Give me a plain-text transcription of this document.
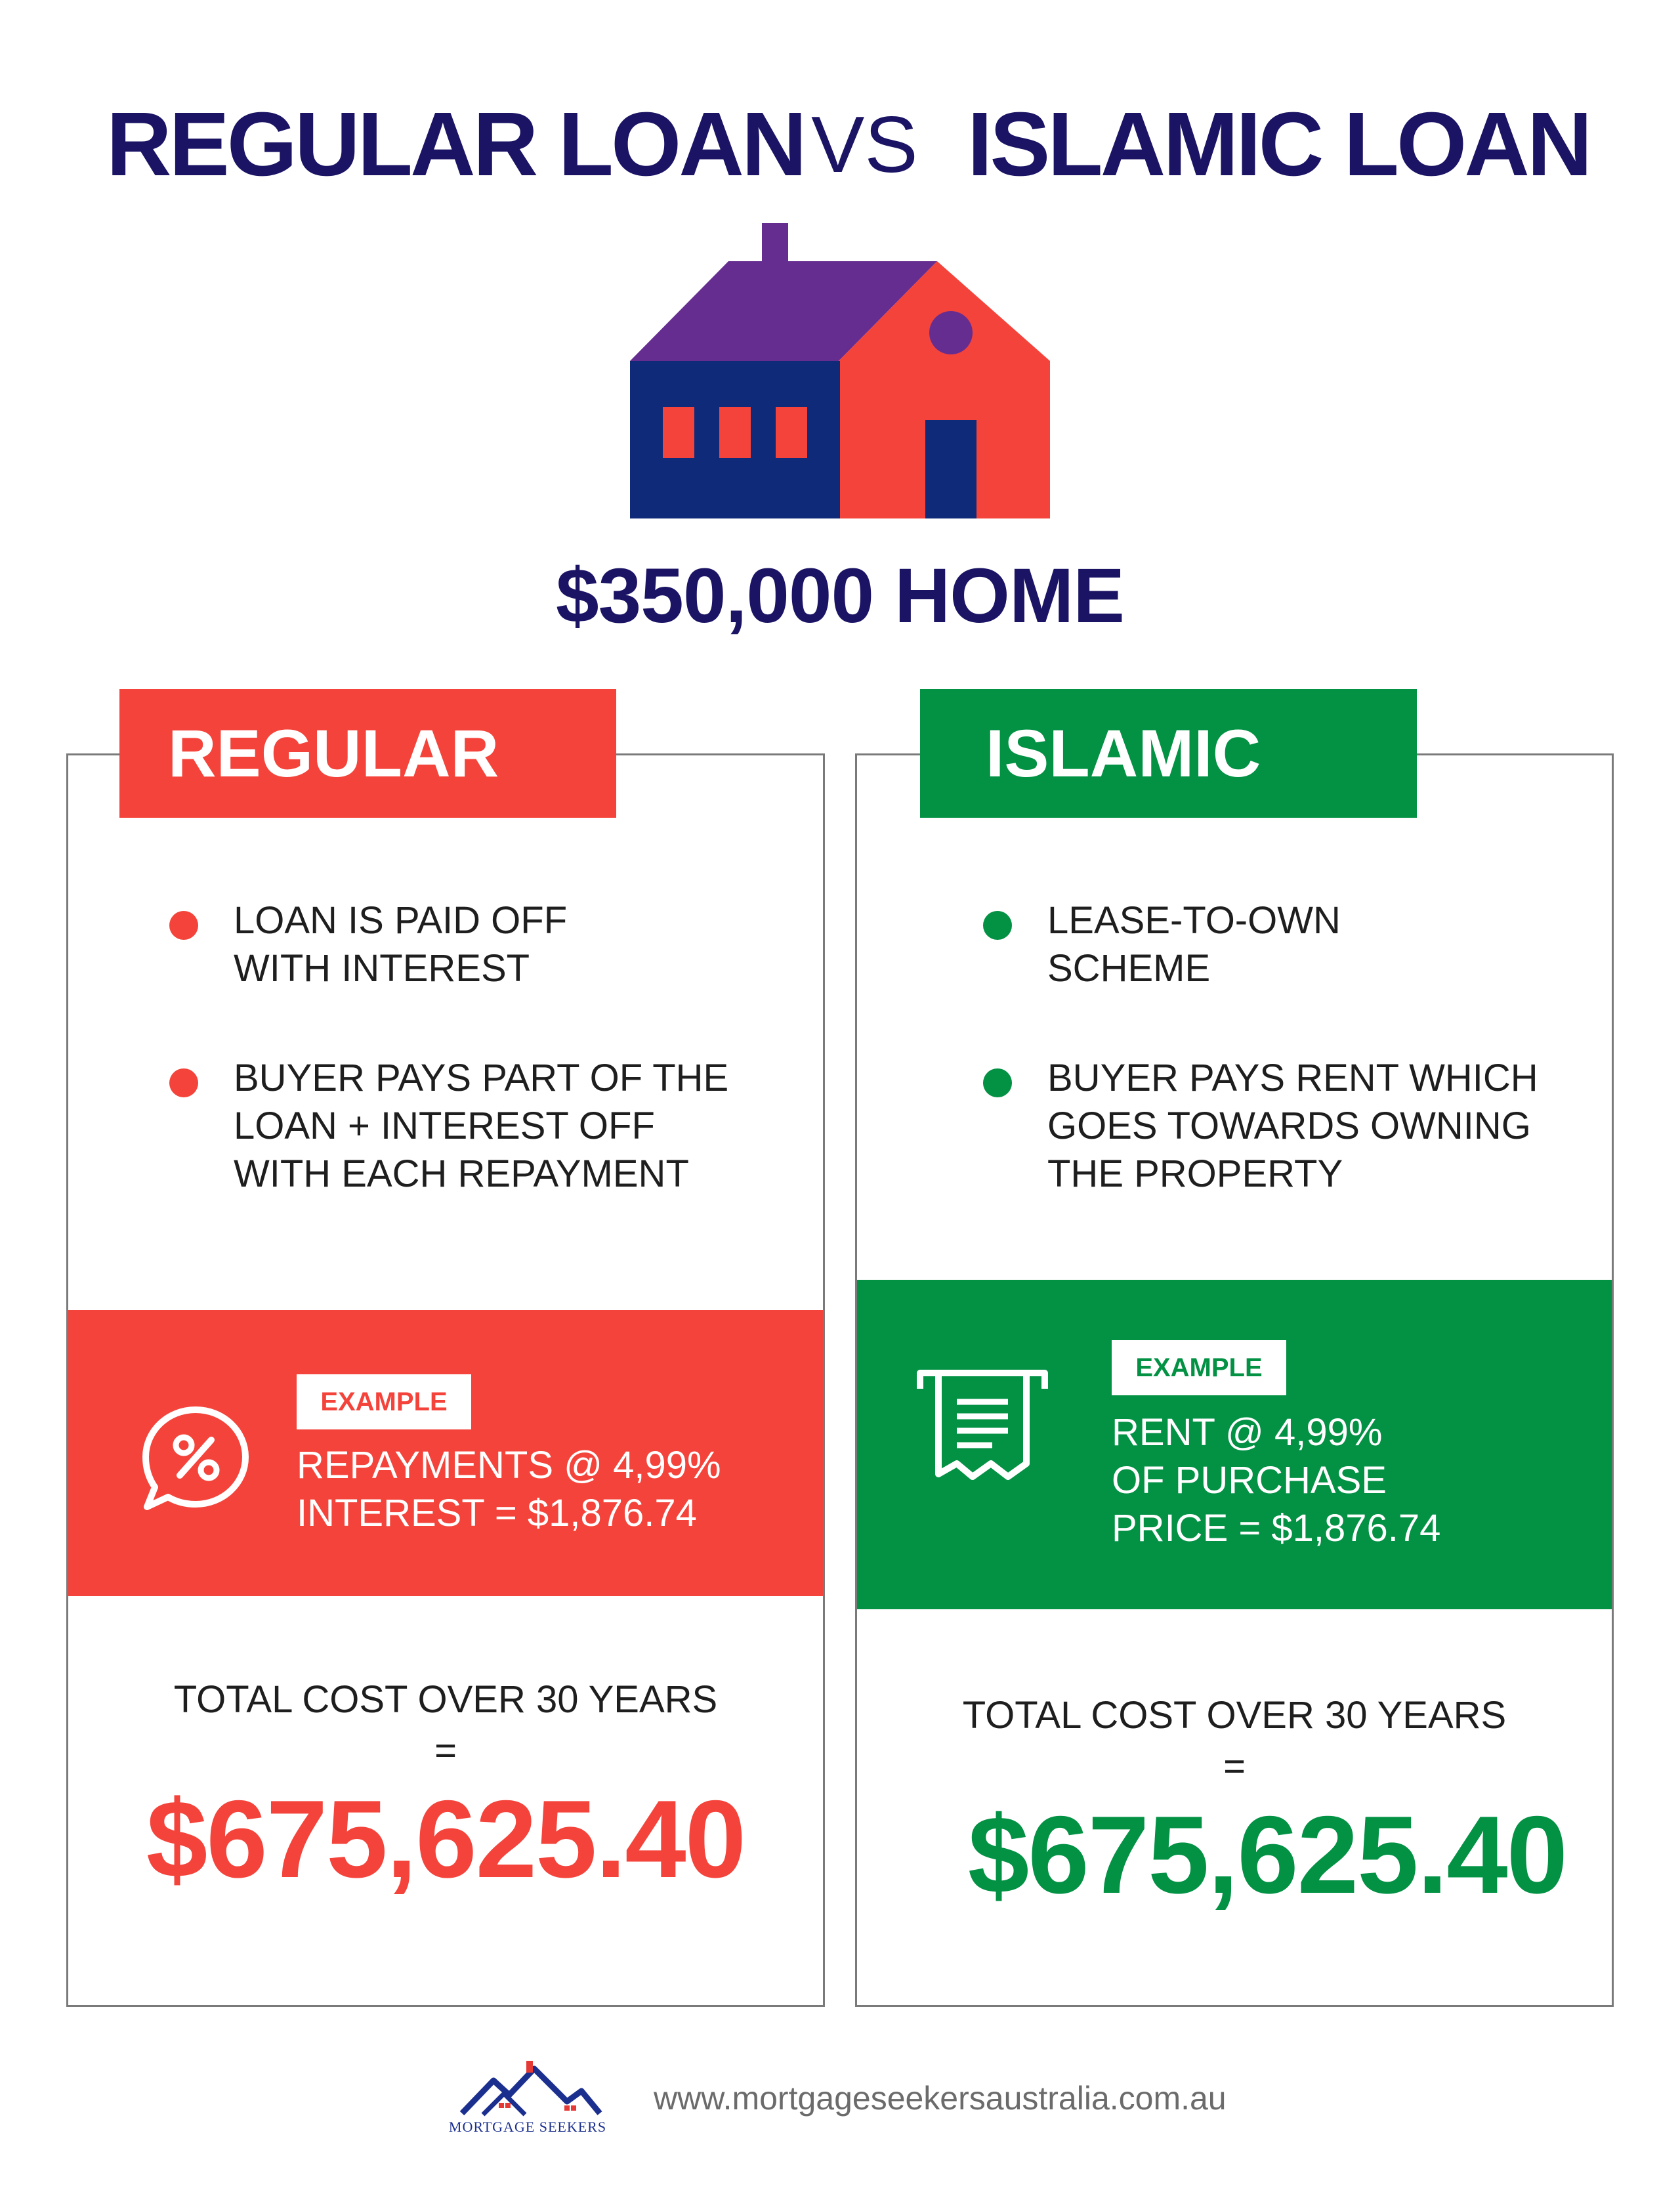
REGULAR LOAN VS ISLAMIC LOAN
$350,000 HOME
REGULAR
LOAN IS PAID OFF
WITH INTEREST
BUYER PAYS PART OF THE
LOAN + INTEREST OFF
WITH EACH REPAYMENT
EXAMPLE
REPAYMENTS @ 4,99%
INTEREST = $1,876.74
TOTAL COST OVER 30 YEARS
=
$675,625.40
ISLAMIC
LEASE-TO-OWN
SCHEME
BUYER PAYS RENT WHICH
GOES TOWARDS OWNING
THE PROPERTY
EXAMPLE
RENT @ 4,99%
OF PURCHASE
PRICE = $1,876.74
TOTAL COST OVER 30 YEARS
=
$675,625.40
MORTGAGE SEEKERS
www.mortgageseekersaustralia.com.au
